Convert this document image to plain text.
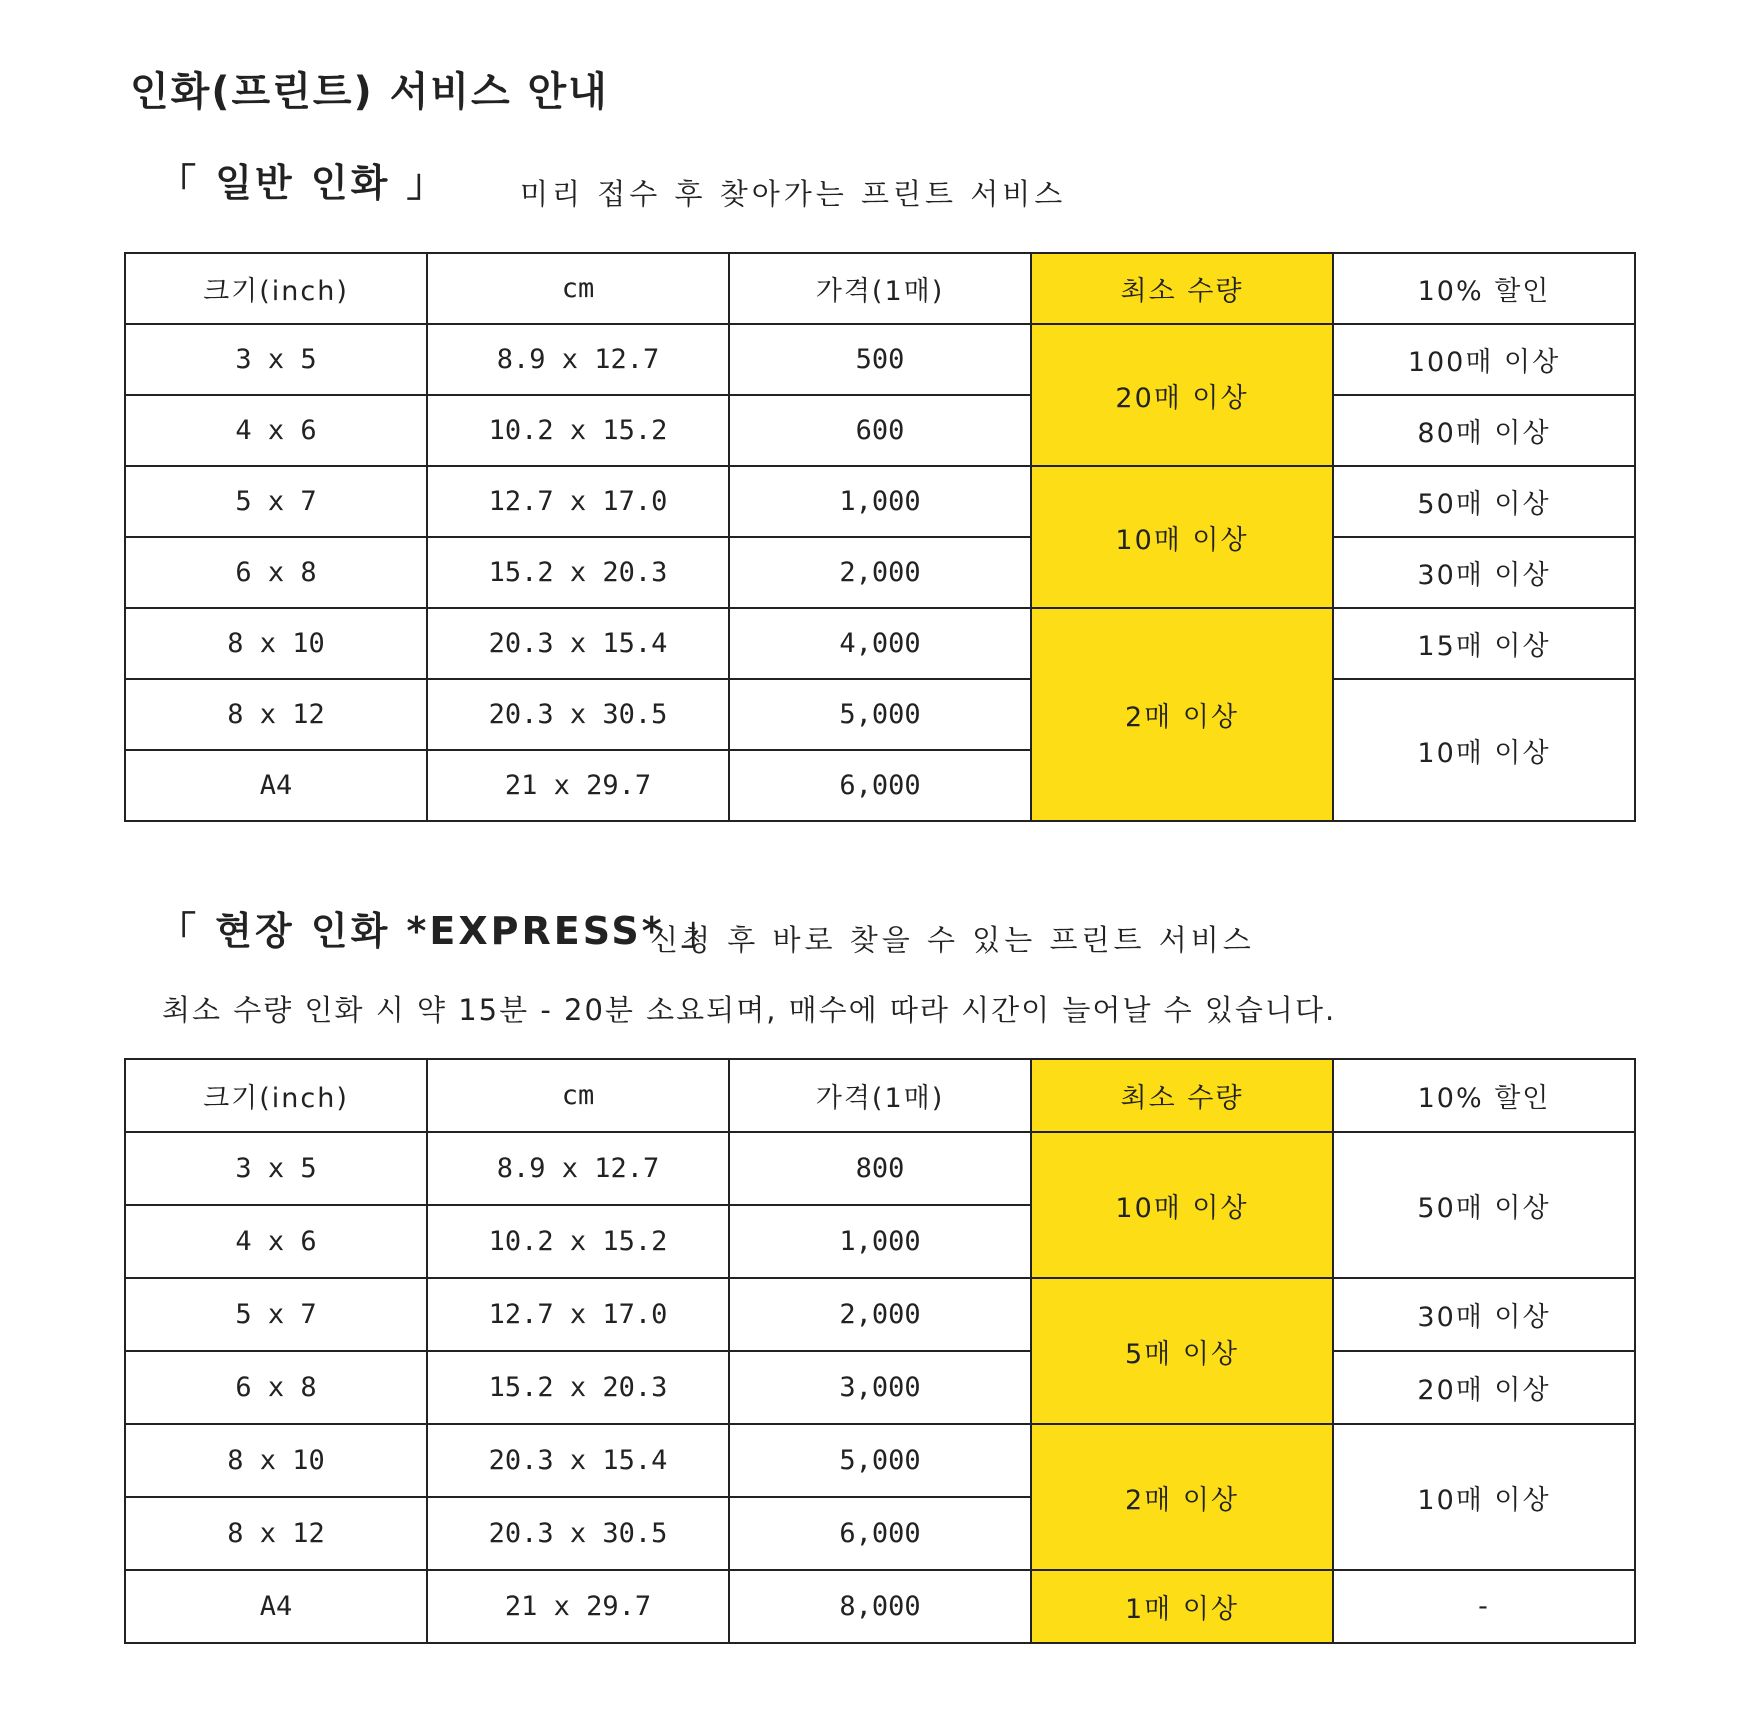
인화(프린트) 서비스 안내
「 일반 인화 」 미리 접수 후 찾아가는 프린트 서비스
크기(inch)	cm	가격(1매)	최소 수량	10% 할인
3 x 5	8.9 x 12.7	500	20매 이상	100매 이상
4 x 6	10.2 x 15.2	600		80매 이상
5 x 7	12.7 x 17.0	1,000	10매 이상	50매 이상
6 x 8	15.2 x 20.3	2,000		30매 이상
8 x 10	20.3 x 15.4	4,000	2매 이상	15매 이상
8 x 12	20.3 x 30.5	5,000		10매 이상
A4	21 x 29.7	6,000		
「 현장 인화 *EXPRESS* 」
신청 후 바로 찾을 수 있는 프린트 서비스
최소 수량 인화 시 약 15분 - 20분 소요되며, 매수에 따라 시간이 늘어날 수 있습니다.
크기(inch)	cm	가격(1매)	최소 수량	10% 할인
3 x 5	8.9 x 12.7	800	10매 이상	50매 이상
4 x 6	10.2 x 15.2	1,000		
5 x 7	12.7 x 17.0	2,000	5매 이상	30매 이상
6 x 8	15.2 x 20.3	3,000		20매 이상
8 x 10	20.3 x 15.4	5,000	2매 이상	10매 이상
8 x 12	20.3 x 30.5	6,000		
A4	21 x 29.7	8,000	1매 이상	-
